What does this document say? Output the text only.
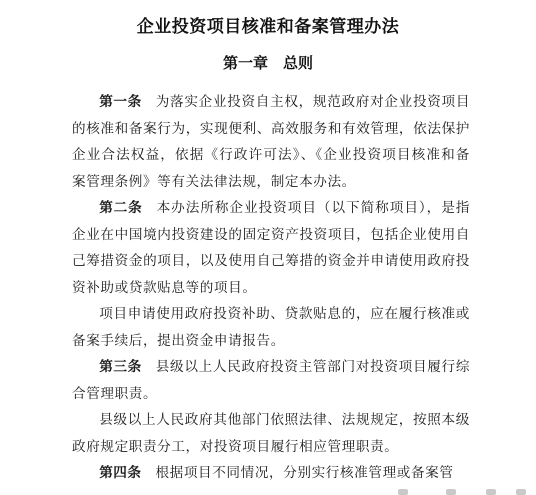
企业投资项目核准和备案管理办法
第一章　总则

第一条 为落实企业投资自主权，规范政府对企业投资项目的核准和备案行为，实现便利、高效服务和有效管理，依法保护企业合法权益，依据《行政许可法》、《企业投资项目核准和备案管理条例》等有关法律法规，制定本办法。

第二条 本办法所称企业投资项目（以下简称项目），是指企业在中国境内投资建设的固定资产投资项目，包括企业使用自己筹措资金的项目，以及使用自己筹措的资金并申请使用政府投资补助或贷款贴息等的项目。

项目申请使用政府投资补助、贷款贴息的，应在履行核准或备案手续后，提出资金申请报告。

第三条 县级以上人民政府投资主管部门对投资项目履行综合管理职责。

县级以上人民政府其他部门依照法律、法规规定，按照本级政府规定职责分工，对投资项目履行相应管理职责。

第四条 根据项目不同情况，分别实行核准管理或备案管
